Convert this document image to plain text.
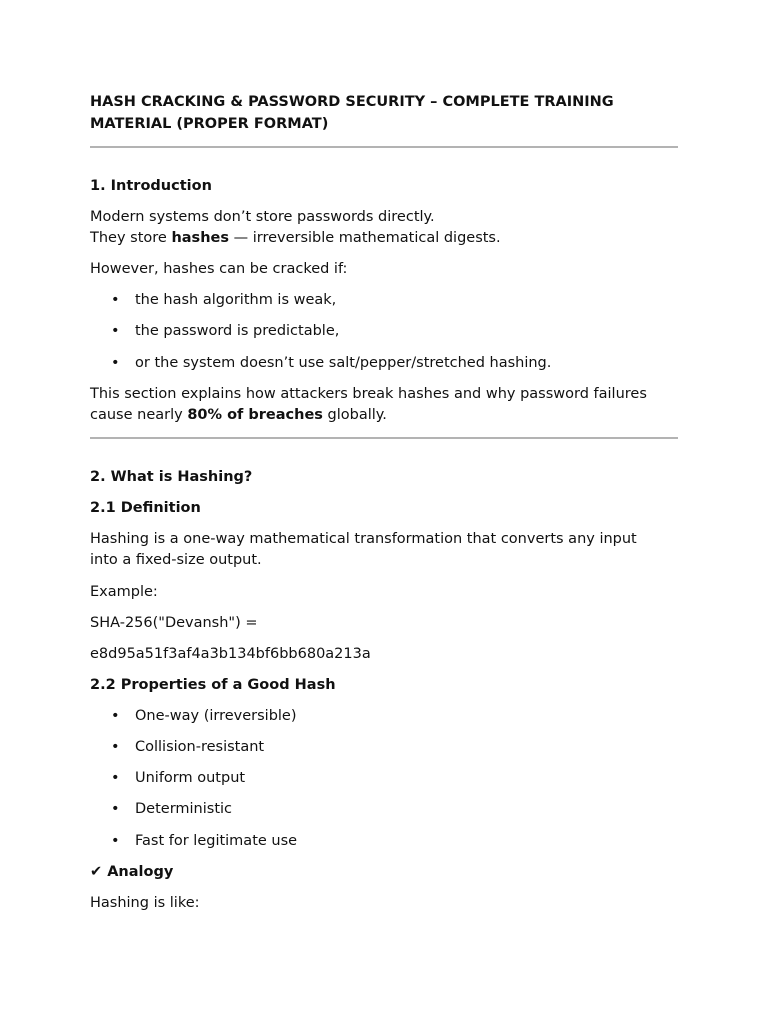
HASH CRACKING & PASSWORD SECURITY – COMPLETE TRAINING
MATERIAL (PROPER FORMAT)
1. Introduction

Modern systems don’t store passwords directly.
They store hashes — irreversible mathematical digests.

However, hashes can be cracked if:

• the hash algorithm is weak,
• the password is predictable,
• or the system doesn’t use salt/pepper/stretched hashing.

This section explains how attackers break hashes and why password failures
cause nearly 80% of breaches globally.

2. What is Hashing?
2.1 Definition

Hashing is a one-way mathematical transformation that converts any input
into a fixed-size output.

Example:

SHA-256("Devansh") =

e8d95a51f3af4a3b134bf6bb680a213a

2.2 Properties of a Good Hash
• One-way (irreversible)
• Collision-resistant
• Uniform output
• Deterministic
• Fast for legitimate use
✔ Analogy

Hashing is like:
